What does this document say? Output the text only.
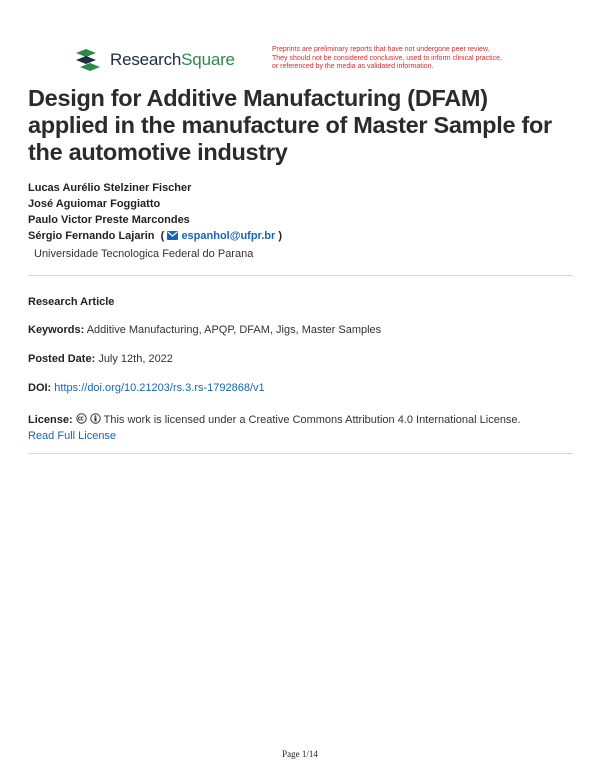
ResearchSquare
Preprints are preliminary reports that have not undergone peer review.
They should not be considered conclusive, used to inform clinical practice,
or referenced by the media as validated information.
Design for Additive Manufacturing (DFAM) applied in the manufacture of Master Sample for the automotive industry
Lucas Aurélio Stelziner Fischer
José Aguiomar Foggiatto
Paulo Victor Preste Marcondes
Sérgio Fernando Lajarin  (  espanhol@ufpr.br )
Universidade Tecnologica Federal do Parana
Research Article
Keywords: Additive Manufacturing, APQP, DFAM, Jigs, Master Samples
Posted Date: July 12th, 2022
DOI: https://doi.org/10.21203/rs.3.rs-1792868/v1
License:	This work is licensed under a Creative Commons Attribution 4.0 International License.
Read Full License
Page 1/14
